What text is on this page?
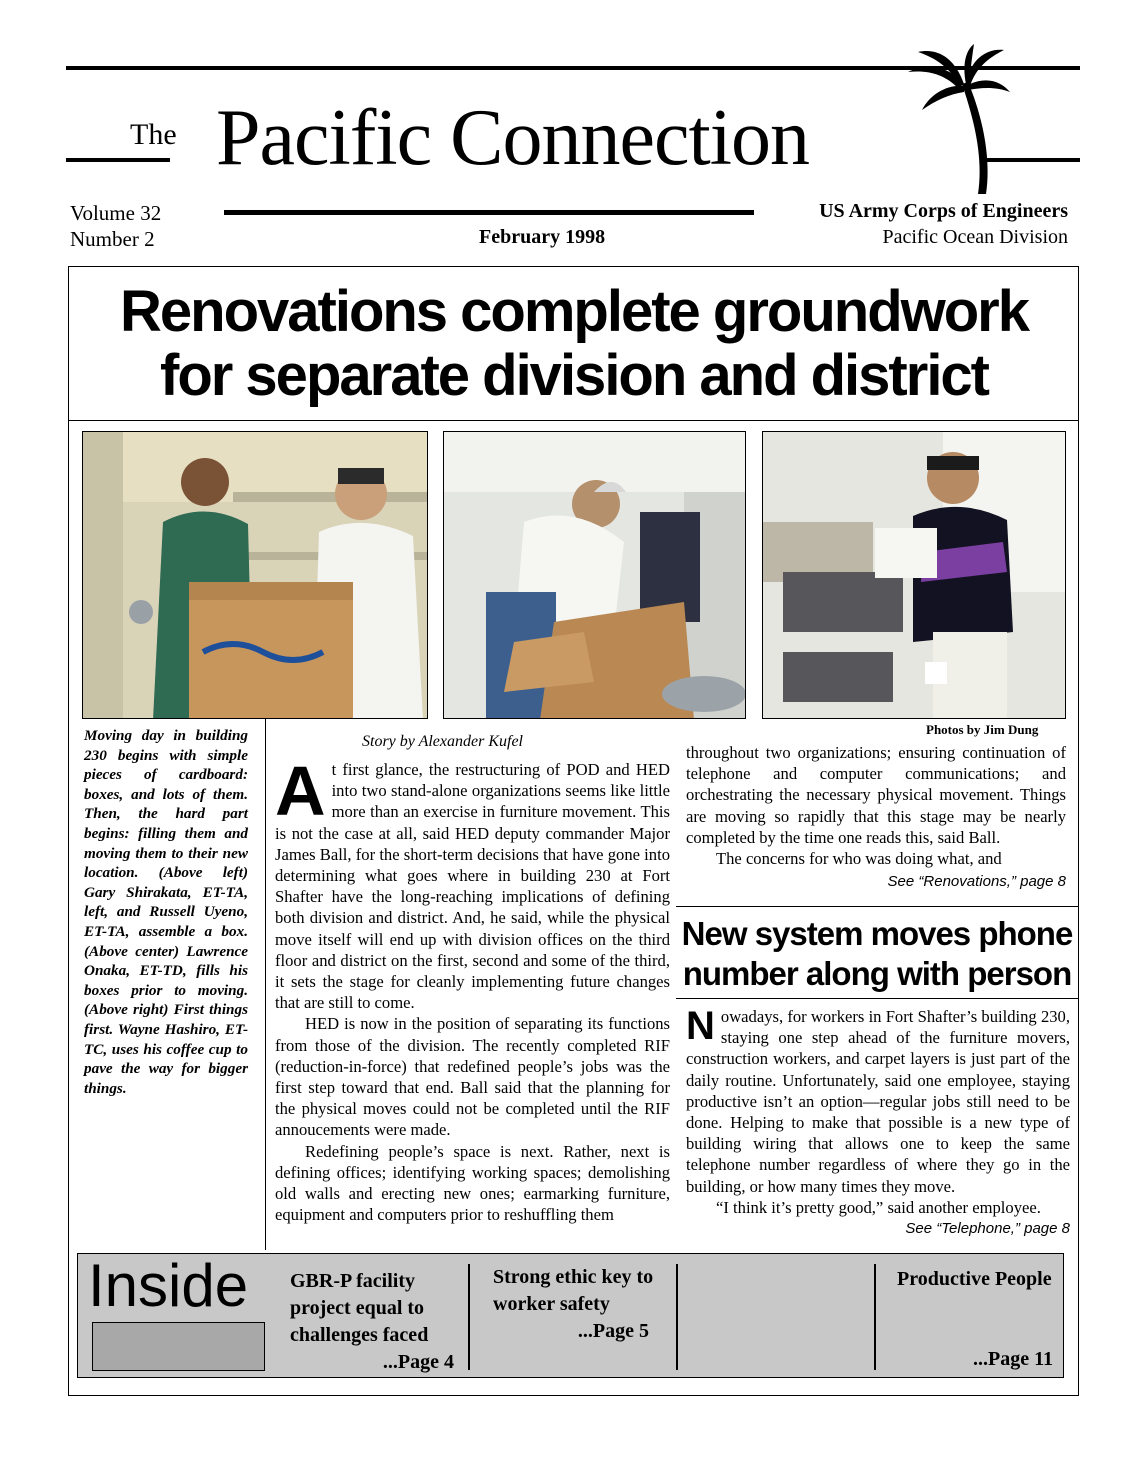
The Pacific Connection
Volume 32
Number 2	February 1998
US Army Corps of Engineers
Pacific Ocean Division
Renovations complete groundwork
for separate division and district
Photos by Jim Dung
Moving day in building 230 begins with simple pieces of cardboard: boxes, and lots of them. Then, the hard part begins: filling them and moving them to their new location. (Above left) Gary Shirakata, ET-TA, left, and Russell Uyeno, ET-TA, assemble a box. (Above center) Lawrence Onaka, ET-TD, fills his boxes prior to moving. (Above right) First things first. Wayne Hashiro, ET-TC, uses his coffee cup to pave the way for bigger things.
Story by Alexander Kufel

At first glance, the restructuring of POD and HED into two stand-alone organizations seems like little more than an exercise in furniture movement. This is not the case at all, said HED deputy commander Major James Ball, for the short-term decisions that have gone into determining what goes where in building 230 at Fort Shafter have the long-reaching implications of defining both division and district. And, he said, while the physical move itself will end up with division offices on the third floor and district on the first, second and some of the third, it sets the stage for cleanly implementing future changes that are still to come.

HED is now in the position of separating its functions from those of the division. The recently completed RIF (reduction-in-force) that redefined people’s jobs was the first step toward that end. Ball said that the planning for the physical moves could not be completed until the RIF annoucements were made.

Redefining people’s space is next. Rather, next is defining offices; identifying working spaces; demolishing old walls and erecting new ones; earmarking furniture, equipment and computers prior to reshuffling them

throughout two organizations; ensuring continuation of telephone and computer communications; and orchestrating the necessary physical movement. Things are moving so rapidly that this stage may be nearly completed by the time one reads this, said Ball.

The concerns for who was doing what, and

See “Renovations,” page 8
New system moves phone
number along with person

Nowadays, for workers in Fort Shafter’s building 230, staying one step ahead of the furniture movers, construction workers, and carpet layers is just part of the daily routine. Unfortunately, said one employee, staying productive isn’t an option—regular jobs still need to be done. Helping to make that possible is a new type of building wiring that allows one to keep the same telephone number regardless of where they go in the building, or how many times they move.

“I think it’s pretty good,” said another employee.

See “Telephone,” page 8
Inside GBR-P facility project equal to challenges faced
...Page 4
Strong ethic key to worker safety
...Page 5
Productive People
...Page 11
